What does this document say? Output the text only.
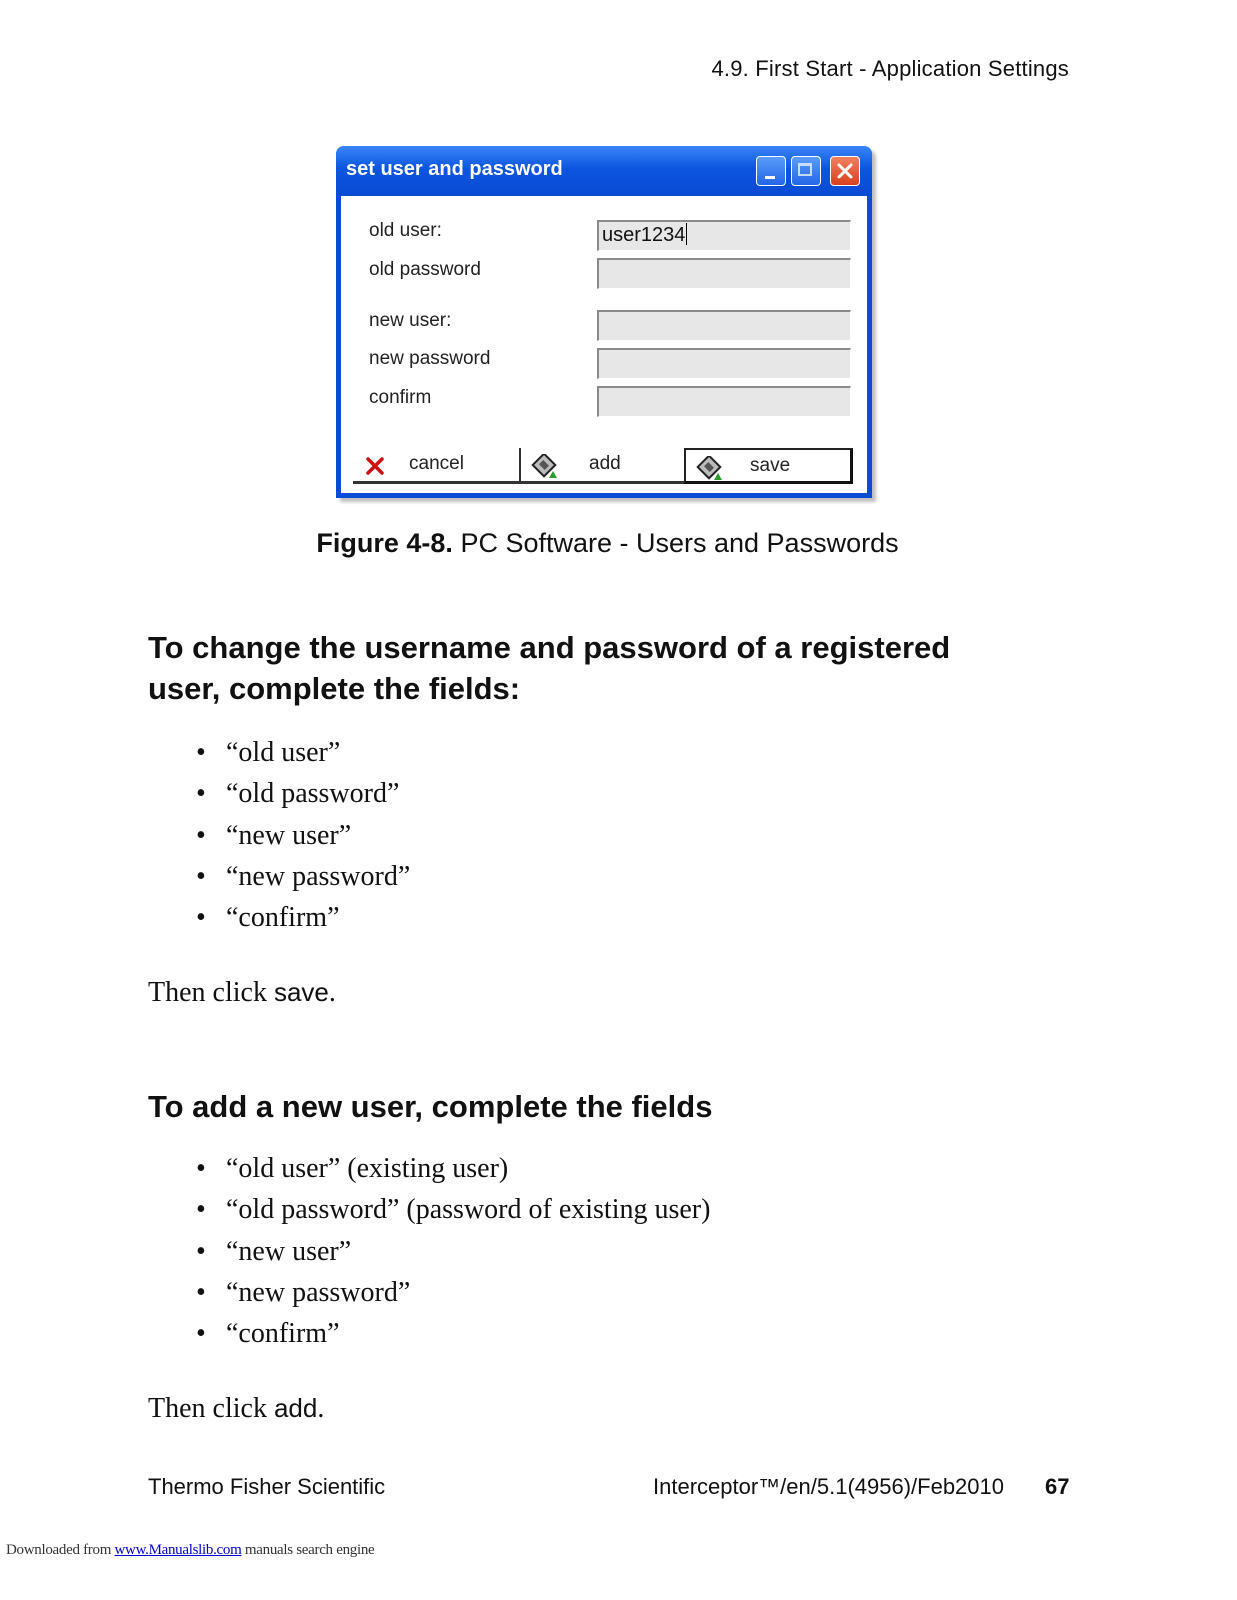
4.9. First Start - Application Settings
set user and password
old user:	user1234
old password
new user:
new password
confirm
cancel	add	save
Figure 4-8. PC Software - Users and Passwords
To change the username and password of a registered user, complete the fields:
• “old user”
• “old password”
• “new user”
• “new password”
• “confirm”

Then click save.

To add a new user, complete the fields
• “old user” (existing user)
• “old password” (password of existing user)
• “new user”
• “new password”
• “confirm”

Then click add.

Thermo Fisher Scientific	Interceptor™/en/5.1(4956)/Feb2010 67
Downloaded from www.Manualslib.com manuals search engine
